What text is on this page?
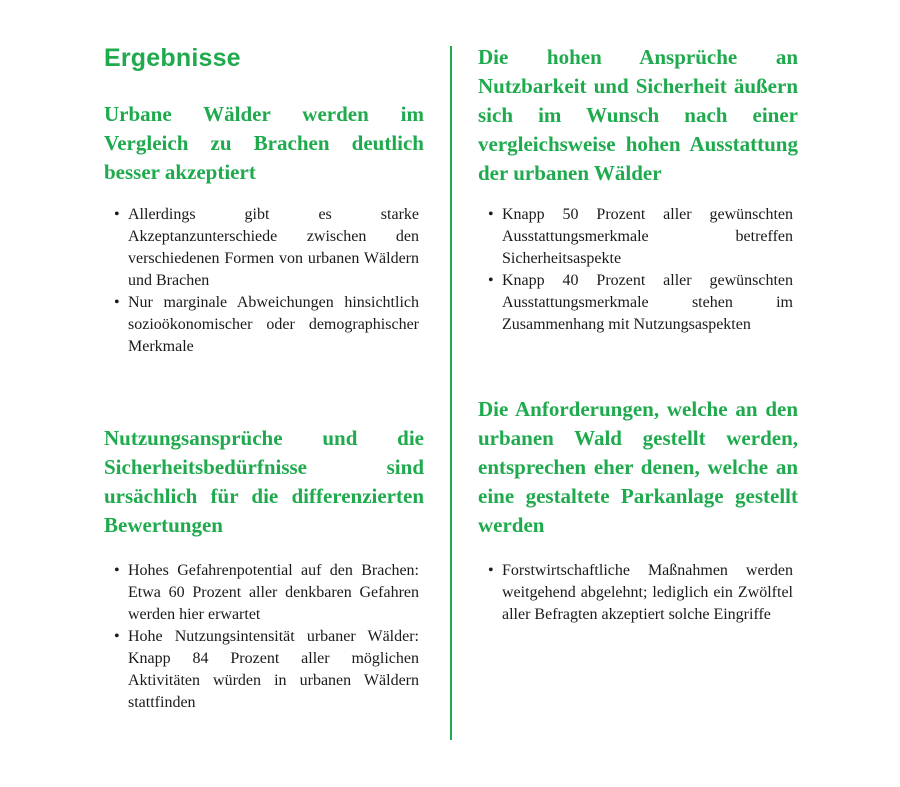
Ergebnisse
Urbane Wälder werden im Vergleich zu Brachen deutlich besser akzeptiert
• Allerdings gibt es starke Akzeptanzunterschiede zwischen den verschiedenen Formen von urbanen Wäldern und Brachen
• Nur marginale Abweichungen hinsichtlich sozioökonomischer oder demographischer Merkmale
Nutzungsansprüche und die Sicherheitsbedürfnisse sind ursächlich für die differenzierten Bewertungen
• Hohes Gefahrenpotential auf den Brachen: Etwa 60 Prozent aller denkbaren Gefahren werden hier erwartet
• Hohe Nutzungsintensität urbaner Wälder: Knapp 84 Prozent aller möglichen Aktivitäten würden in urbanen Wäldern stattfinden
Die hohen Ansprüche an Nutzbarkeit und Sicherheit äußern sich im Wunsch nach einer vergleichsweise hohen Ausstattung der urbanen Wälder
• Knapp 50 Prozent aller gewünschten Ausstattungsmerkmale betreffen Sicherheitsaspekte
• Knapp 40 Prozent aller gewünschten Ausstattungsmerkmale stehen im Zusammenhang mit Nutzungsaspekten
Die Anforderungen, welche an den urbanen Wald gestellt werden, entsprechen eher denen, welche an eine gestaltete Parkanlage gestellt werden
• Forstwirtschaftliche Maßnahmen werden weitgehend abgelehnt; lediglich ein Zwölftel aller Befragten akzeptiert solche Eingriffe
